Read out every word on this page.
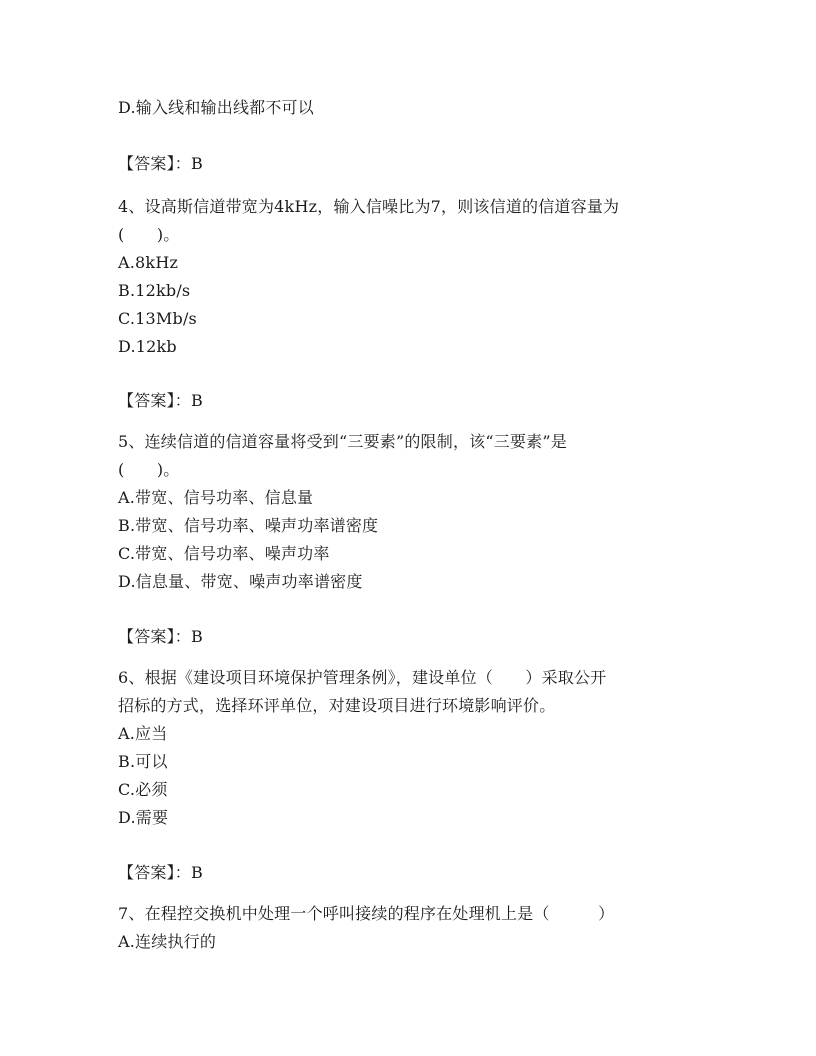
D.输入线和输出线都不可以
【答案】：B
4、设高斯信道带宽为4kHz，输入信噪比为7，则该信道的信道容量为
(　　)。
A.8kHz
B.12kb/s
C.13Mb/s
D.12kb
【答案】：B
5、连续信道的信道容量将受到“三要素”的限制，该“三要素”是
(　　)。
A.带宽、信号功率、信息量
B.带宽、信号功率、噪声功率谱密度
C.带宽、信号功率、噪声功率
D.信息量、带宽、噪声功率谱密度
【答案】：B
6、根据《建设项目环境保护管理条例》，建设单位（　　）采取公开
招标的方式，选择环评单位，对建设项目进行环境影响评价。
A.应当
B.可以
C.必须
D.需要
【答案】：B
7、在程控交换机中处理一个呼叫接续的程序在处理机上是（　　　）
A.连续执行的
